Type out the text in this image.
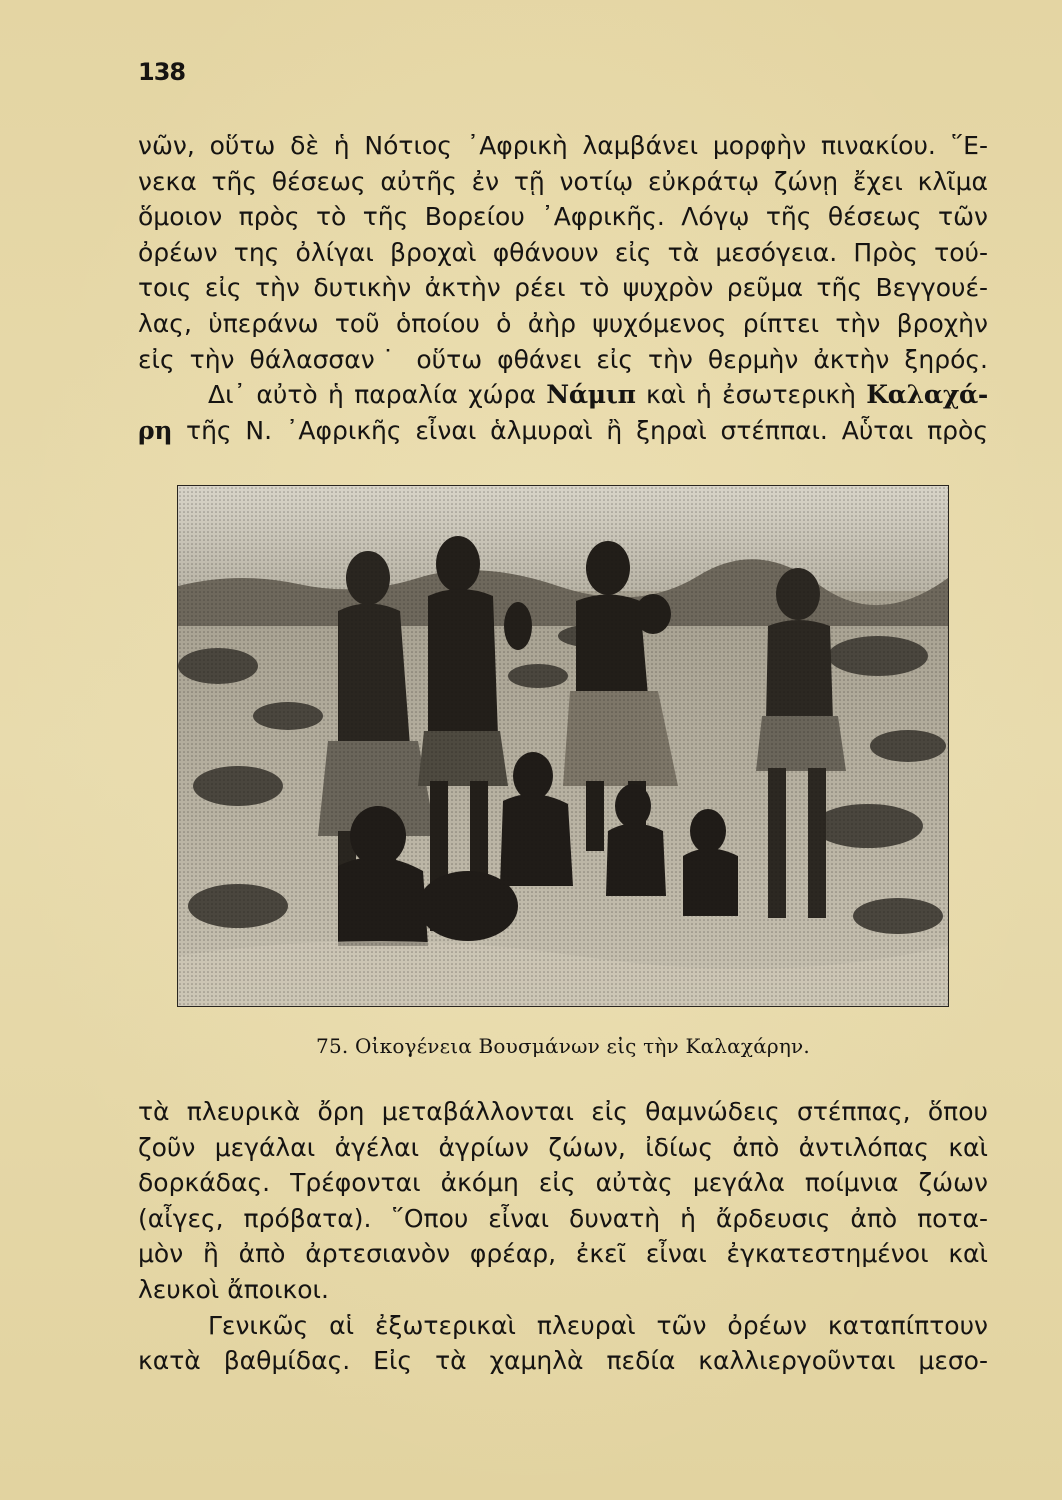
138
νῶν, οὕτω δὲ ἡ Νότιος ᾿Αφρικὴ λαμβάνει μορφὴν πινακίου. ῞Ε-
νεκα τῆς θέσεως αὐτῆς ἐν τῇ νοτίῳ εὐκράτῳ ζώνῃ ἔχει κλῖμα
ὅμοιον πρὸς τὸ τῆς Βορείου ᾿Αφρικῆς. Λόγῳ τῆς θέσεως τῶν
ὀρέων της ὀλίγαι βροχαὶ φθάνουν εἰς τὰ μεσόγεια. Πρὸς τού-
τοις εἰς τὴν δυτικὴν ἀκτὴν ρέει τὸ ψυχρὸν ρεῦμα τῆς Βεγγουέ-
λας, ὑπεράνω τοῦ ὁποίου ὁ ἀὴρ ψυχόμενος ρίπτει τὴν βροχὴν
εἰς τὴν θάλασσαν˙ οὕτω φθάνει εἰς τὴν θερμὴν ἀκτὴν ξηρός.
Δι᾿ αὐτὸ ἡ παραλία χώρα Νάμιπ καὶ ἡ ἐσωτερικὴ Καλαχά-
ρη τῆς Ν. ᾿Αφρικῆς εἶναι ἁλμυραὶ ἢ ξηραὶ στέππαι. Αὗται πρὸς
75. Οἰκογένεια Βουσμάνων εἰς τὴν Καλαχάρην.
τὰ πλευρικὰ ὄρη μεταβάλλονται εἰς θαμνώδεις στέππας, ὅπου
ζοῦν μεγάλαι ἀγέλαι ἀγρίων ζώων, ἰδίως ἀπὸ ἀντιλόπας καὶ
δορκάδας. Τρέφονται ἀκόμη εἰς αὐτὰς μεγάλα ποίμνια ζώων
(αἶγες, πρόβατα). ῞Οπου εἶναι δυνατὴ ἡ ἄρδευσις ἀπὸ ποτα-
μὸν ἢ ἀπὸ ἀρτεσιανὸν φρέαρ, ἐκεῖ εἶναι ἐγκατεστημένοι καὶ
λευκοὶ ἄποικοι.
Γενικῶς αἱ ἐξωτερικαὶ πλευραὶ τῶν ὀρέων καταπίπτουν
κατὰ βαθμίδας. Εἰς τὰ χαμηλὰ πεδία καλλιεργοῦνται μεσο-
